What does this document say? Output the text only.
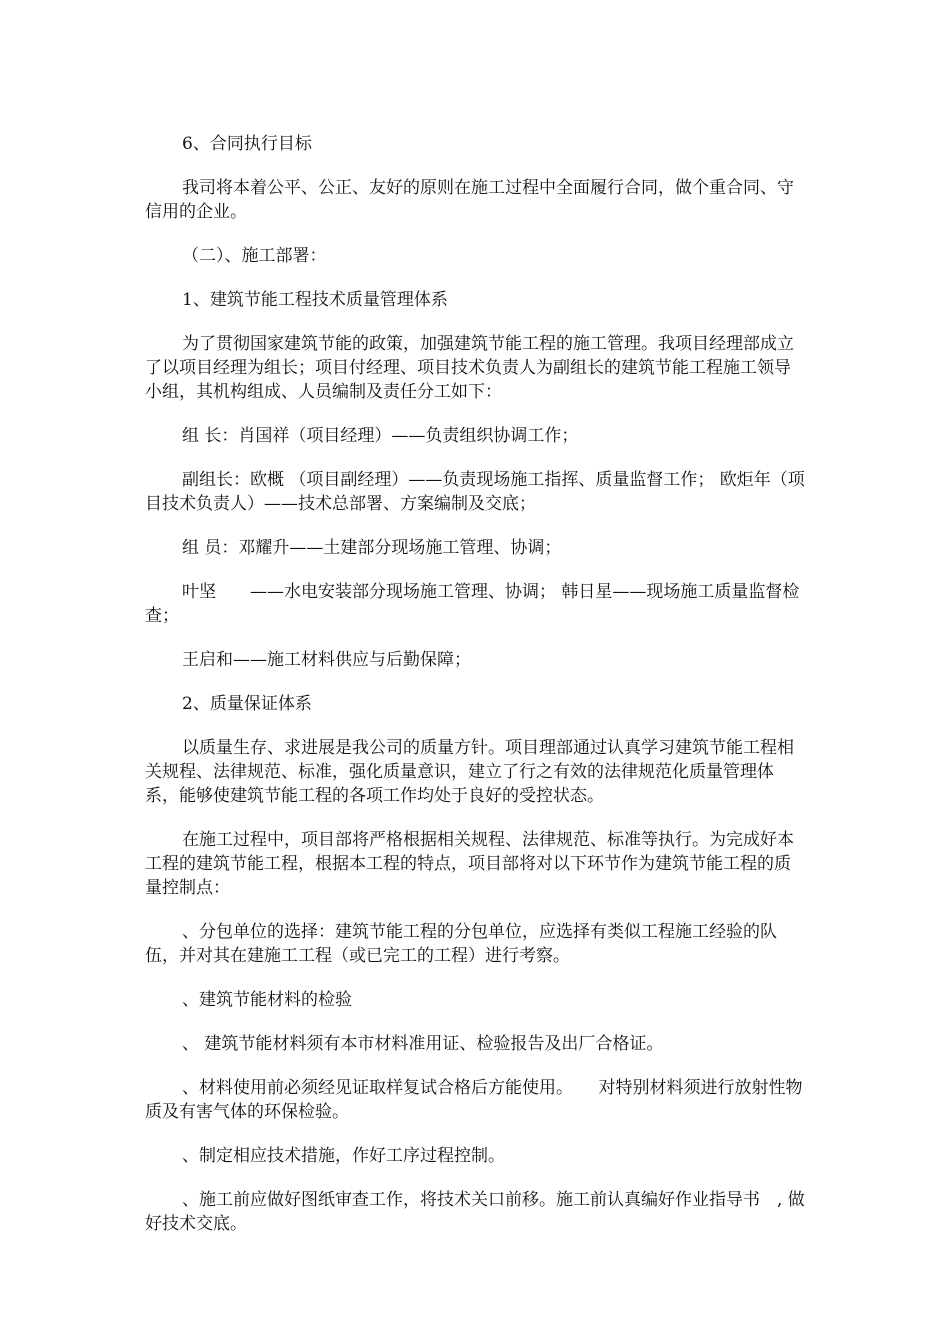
6、合同执行目标

我司将本着公平、公正、友好的原则在施工过程中全面履行合同，做个重合同、守信用的企业。

（二）、施工部署：

1、建筑节能工程技术质量管理体系

为了贯彻国家建筑节能的政策，加强建筑节能工程的施工管理。我项目经理部成立了以项目经理为组长；项目付经理、项目技术负责人为副组长的建筑节能工程施工领导小组，其机构组成、人员编制及责任分工如下：

组 长：肖国祥（项目经理）——负责组织协调工作；

副组长：欧概 （项目副经理）——负责现场施工指挥、质量监督工作； 欧炬年（项目技术负责人）——技术总部署、方案编制及交底；

组 员：邓耀升——土建部分现场施工管理、协调；

叶坚　　——水电安装部分现场施工管理、协调； 韩日星——现场施工质量监督检查；

王启和——施工材料供应与后勤保障；

2、质量保证体系

以质量生存、求进展是我公司的质量方针。项目理部通过认真学习建筑节能工程相关规程、法律规范、标准，强化质量意识，建立了行之有效的法律规范化质量管理体系，能够使建筑节能工程的各项工作均处于良好的受控状态。

在施工过程中，项目部将严格根据相关规程、法律规范、标准等执行。为完成好本工程的建筑节能工程，根据本工程的特点，项目部将对以下环节作为建筑节能工程的质量控制点：

、分包单位的选择：建筑节能工程的分包单位，应选择有类似工程施工经验的队伍，并对其在建施工工程（或已完工的工程）进行考察。

、建筑节能材料的检验

、 建筑节能材料须有本市材料准用证、检验报告及出厂合格证。

、材料使用前必须经见证取样复试合格后方能使用。　　对特别材料须进行放射性物质及有害气体的环保检验。

、制定相应技术措施，作好工序过程控制。

、施工前应做好图纸审查工作，将技术关口前移。施工前认真编好作业指导书　, 做好技术交底。
